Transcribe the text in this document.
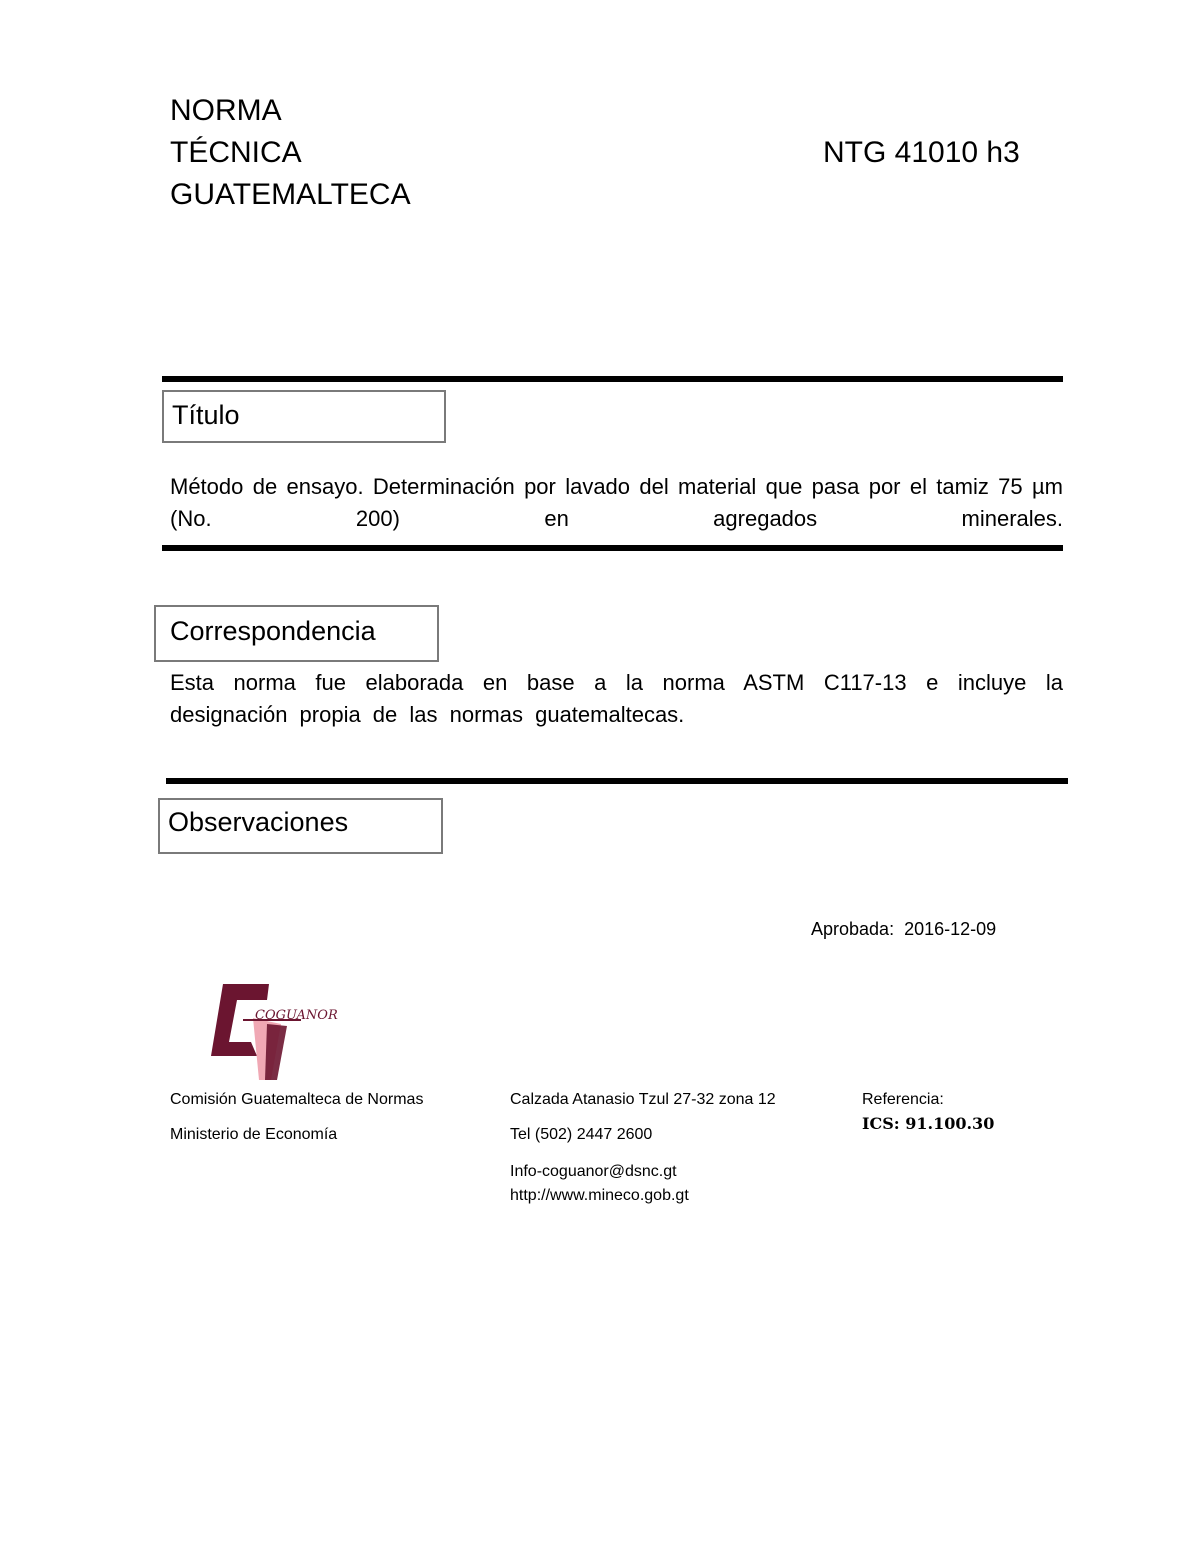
NORMA
TÉCNICA
GUATEMALTECA
NTG 41010 h3
Título
Método de ensayo. Determinación por lavado del material que pasa por el tamiz 75 µm (No. 200) en agregados minerales.
Correspondencia
Esta norma fue elaborada en base a la norma ASTM C117-13 e incluye la designación propia de las normas guatemaltecas.
Observaciones
Aprobada:  2016-12-09
COGUANOR
Comisión Guatemalteca de Normas
Ministerio de Economía
Calzada Atanasio Tzul 27-32 zona 12
Tel (502) 2447 2600
Info-coguanor@dsnc.gt
http://www.mineco.gob.gt
Referencia:
ICS: 91.100.30
